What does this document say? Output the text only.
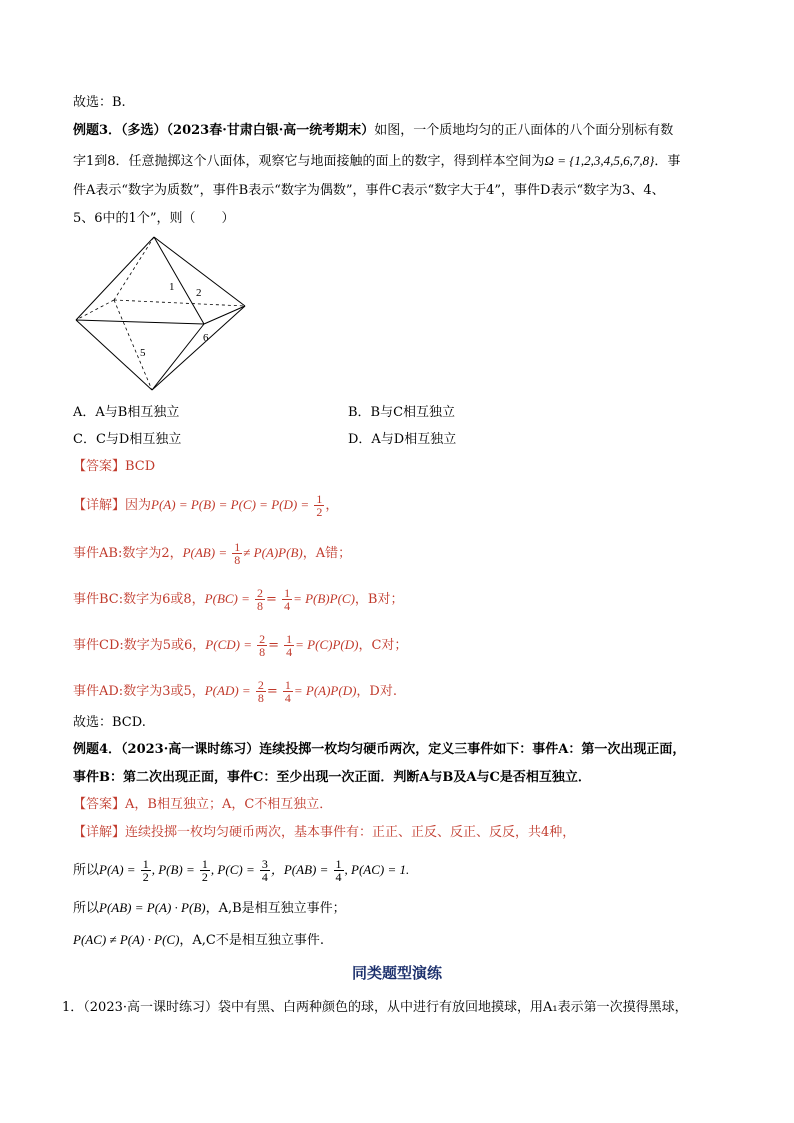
故选：B.
例题3．（多选）（2023春·甘肃白银·高一统考期末）如图，一个质地均匀的正八面体的八个面分别标有数
字1到8．任意抛掷这个八面体，观察它与地面接触的面上的数字，得到样本空间为Ω = {1,2,3,4,5,6,7,8}．事
件A表示“数字为质数”，事件B表示“数字为偶数”，事件C表示“数字大于4”，事件D表示“数字为3、4、
5、6中的1个”，则（　　）
1 2
5
6
A．A与B相互独立	B．B与C相互独立
C．C与D相互独立	D．A与D相互独立
【答案】BCD
【详解】因为$P(A) = P(B) = P(C) = P(D) = \frac{1}{2}$ ，
事件AB:数字为2，$P(AB) = \frac{1}{8} \ne P(A)P(B)$，A错；
事件BC:数字为6或8，$P(BC) = \frac{2}{8} = \frac{1}{4} = P(B)P(C)$，B对；
事件CD:数字为5或6，$P(CD) = \frac{2}{8} = \frac{1}{4} = P(C)P(D)$，C对；
事件AD:数字为3或5，$P(AD) = \frac{2}{8} = \frac{1}{4} = P(A)P(D)$，D对.
故选：BCD.
例题4．（2023·高一课时练习）连续投掷一枚均匀硬币两次，定义三事件如下：事件A：第一次出现正面，
事件B：第二次出现正面，事件C：至少出现一次正面．判断A与B及A与C是否相互独立．
【答案】A，B相互独立；A，C不相互独立．
【详解】连续投掷一枚均匀硬币两次，基本事件有：正正、正反、反正、反反，共4种，
所以$P(A) = \frac{1}{2}$ , $P(B) = \frac{1}{2}$ , $P(C) = \frac{3}{4}$ ，$P(AB) = \frac{1}{4}$ , P(AC) = 1.
所以P(AB) = P(A) · P(B)，A,B是相互独立事件；
P(AC) ≠ P(A) · P(C)，A,C不是相互独立事件.
同类题型演练
1．（2023·高一课时练习）袋中有黑、白两种颜色的球，从中进行有放回地摸球，用A₁表示第一次摸得黑球，
